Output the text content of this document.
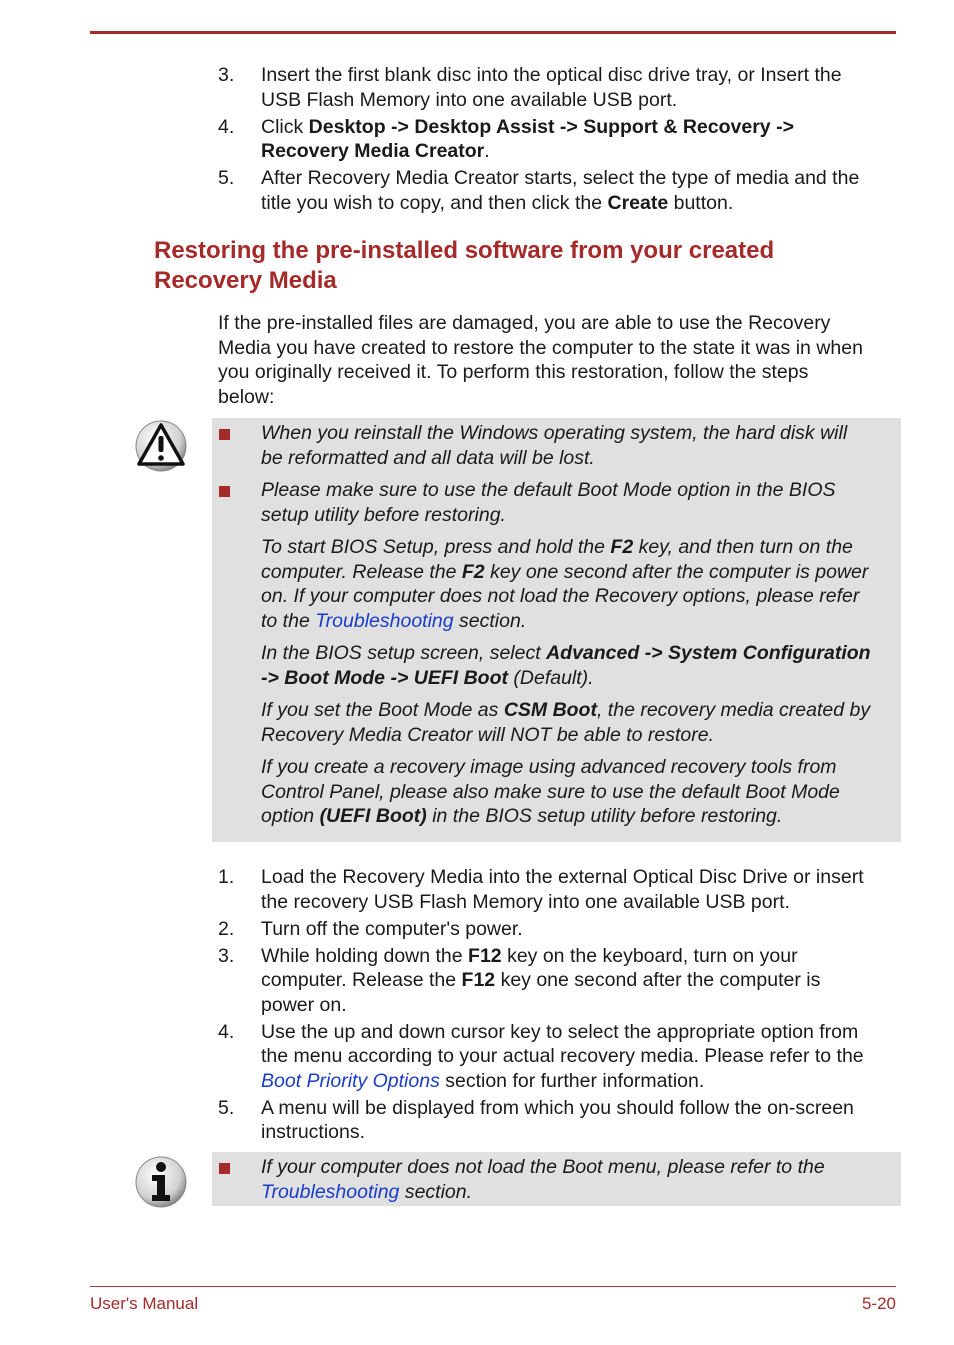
3. Insert the first blank disc into the optical disc drive tray, or Insert the
USB Flash Memory into one available USB port.
4. Click Desktop -> Desktop Assist -> Support & Recovery ->
Recovery Media Creator.
5. After Recovery Media Creator starts, select the type of media and the
title you wish to copy, and then click the Create button.
Restoring the pre-installed software from your created
Recovery Media

If the pre-installed files are damaged, you are able to use the Recovery
Media you have created to restore the computer to the state it was in when
you originally received it. To perform this restoration, follow the steps
below:

When you reinstall the Windows operating system, the hard disk will
be reformatted and all data will be lost.
Please make sure to use the default Boot Mode option in the BIOS
setup utility before restoring.

To start BIOS Setup, press and hold the F2 key, and then turn on the
computer. Release the F2 key one second after the computer is power
on. If your computer does not load the Recovery options, please refer
to the Troubleshooting section.

In the BIOS setup screen, select Advanced -> System Configuration
-> Boot Mode -> UEFI Boot (Default).

If you set the Boot Mode as CSM Boot, the recovery media created by
Recovery Media Creator will NOT be able to restore.

If you create a recovery image using advanced recovery tools from
Control Panel, please also make sure to use the default Boot Mode
option (UEFI Boot) in the BIOS setup utility before restoring.

1. Load the Recovery Media into the external Optical Disc Drive or insert
the recovery USB Flash Memory into one available USB port.
2. Turn off the computer's power.
3. While holding down the F12 key on the keyboard, turn on your
computer. Release the F12 key one second after the computer is
power on.
4. Use the up and down cursor key to select the appropriate option from
the menu according to your actual recovery media. Please refer to the
Boot Priority Options section for further information.
5. A menu will be displayed from which you should follow the on-screen
instructions.
If your computer does not load the Boot menu, please refer to the
Troubleshooting section.
User's Manual	5-20
